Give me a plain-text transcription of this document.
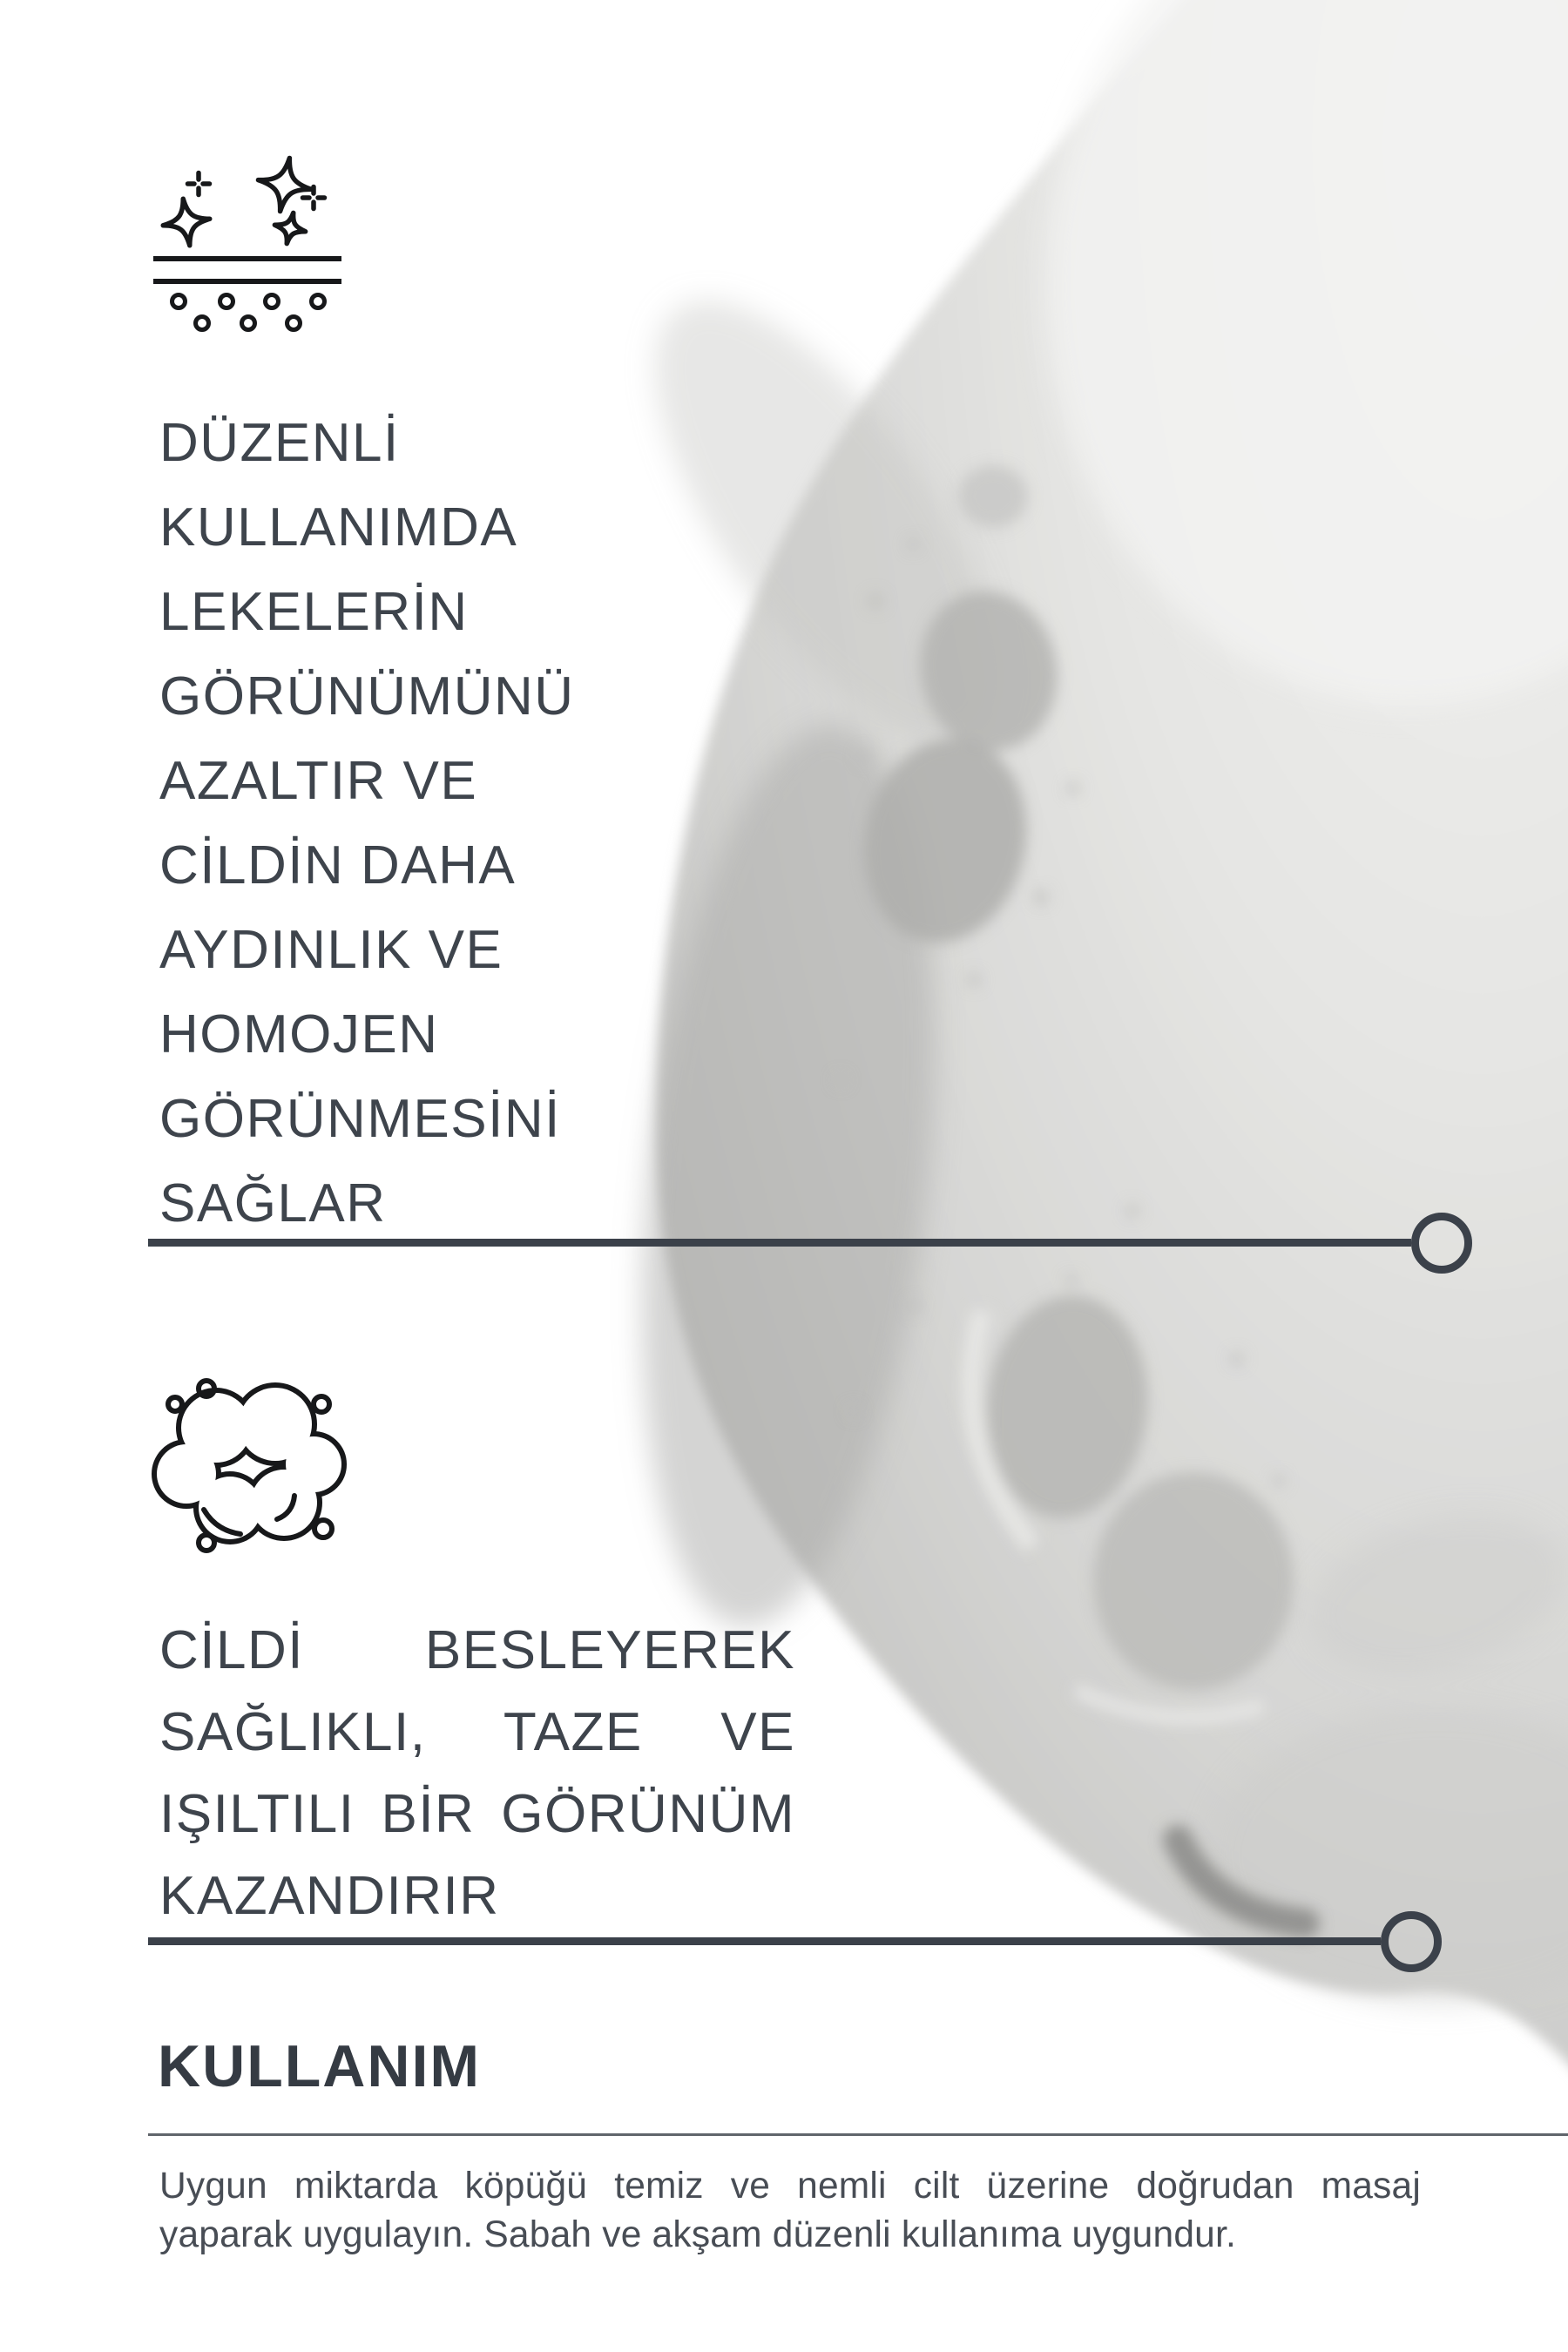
DÜZENLİ
KULLANIMDA
LEKELERİN
GÖRÜNÜMÜNÜ
AZALTIR VE
CİLDİN DAHA
AYDINLIK VE
HOMOJEN
GÖRÜNMESİNİ
SAĞLAR
CİLDİ BESLEYEREK
SAĞLIKLI, TAZE VE
IŞILTILI BİR GÖRÜNÜM
KAZANDIRIR
KULLANIM
Uygun miktarda köpüğü temiz ve nemli cilt üzerine doğrudan masaj
yaparak uygulayın. Sabah ve akşam düzenli kullanıma uygundur.
